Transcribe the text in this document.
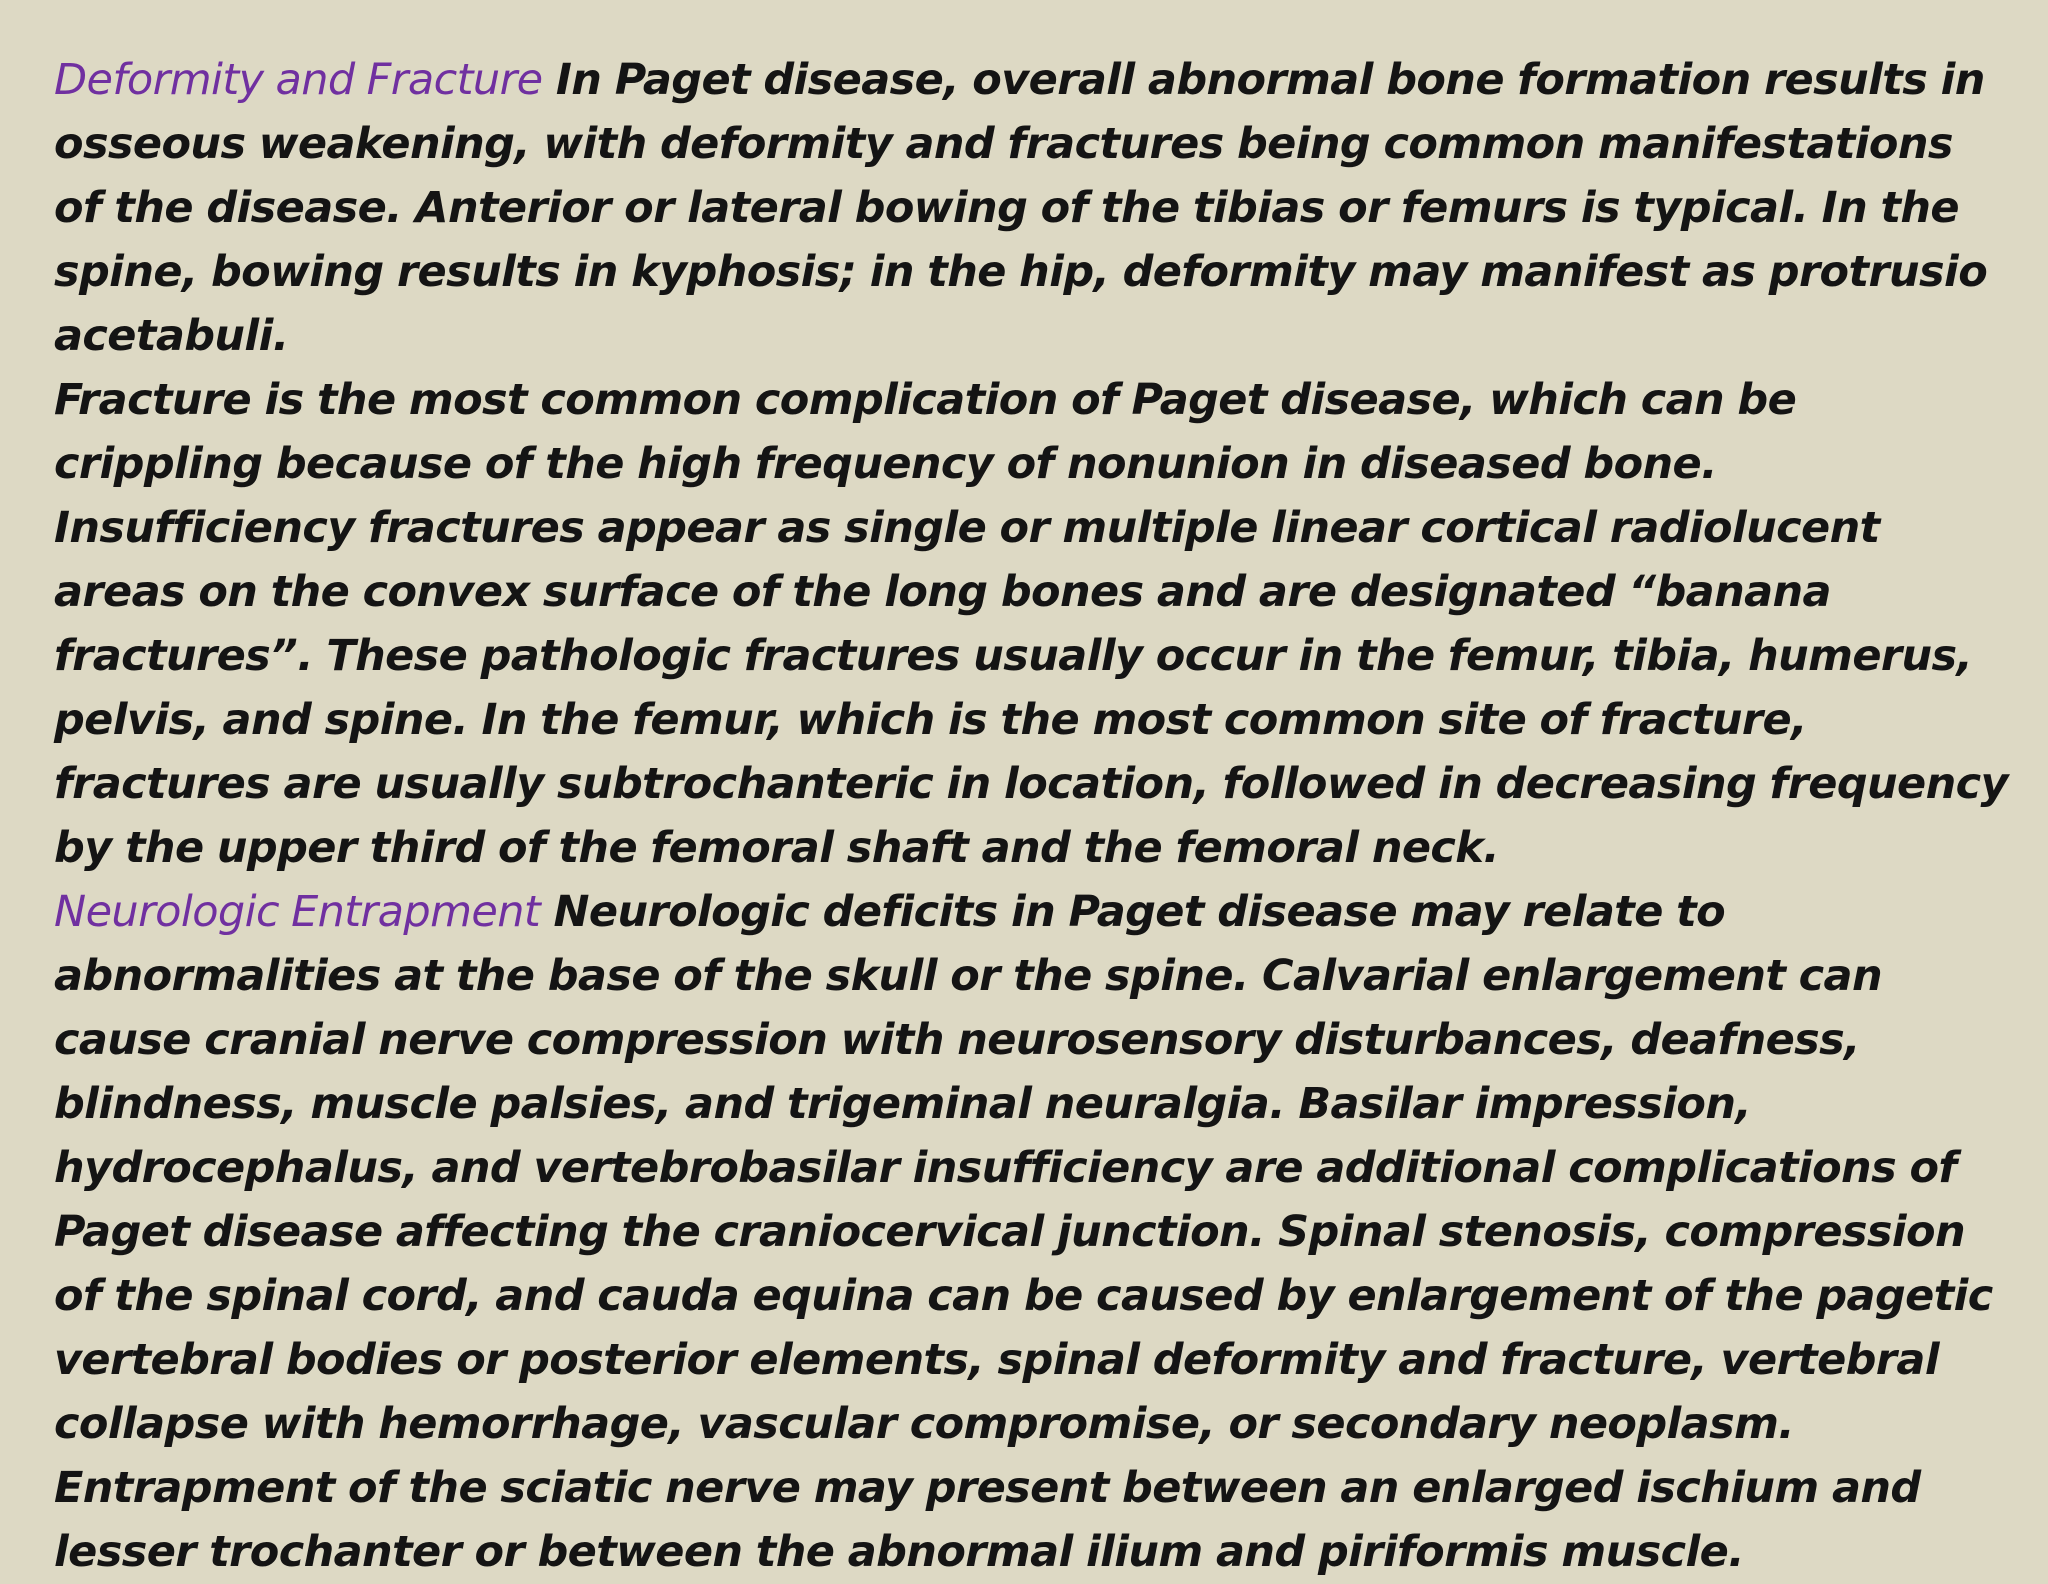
Deformity and Fracture In Paget disease, overall abnormal bone formation results in osseous weakening, with deformity and fractures being common manifestations of the disease. Anterior or lateral bowing of the tibias or femurs is typical. In the spine, bowing results in kyphosis; in the hip, deformity may manifest as protrusio acetabuli.

Fracture is the most common complication of Paget disease, which can be crippling because of the high frequency of nonunion in diseased bone. Insufficiency fractures appear as single or multiple linear cortical radiolucent areas on the convex surface of the long bones and are designated “banana fractures”. These pathologic fractures usually occur in the femur, tibia, humerus, pelvis, and spine. In the femur, which is the most common site of fracture, fractures are usually subtrochanteric in location, followed in decreasing frequency by the upper third of the femoral shaft and the femoral neck.

Neurologic Entrapment Neurologic deficits in Paget disease may relate to abnormalities at the base of the skull or the spine. Calvarial enlargement can cause cranial nerve compression with neurosensory disturbances, deafness, blindness, muscle palsies, and trigeminal neuralgia. Basilar impression, hydrocephalus, and vertebrobasilar insufficiency are additional complications of Paget disease affecting the craniocervical junction. Spinal stenosis, compression of the spinal cord, and cauda equina can be caused by enlargement of the pagetic vertebral bodies or posterior elements, spinal deformity and fracture, vertebral collapse with hemorrhage, vascular compromise, or secondary neoplasm. Entrapment of the sciatic nerve may present between an enlarged ischium and lesser trochanter or between the abnormal ilium and piriformis muscle.
